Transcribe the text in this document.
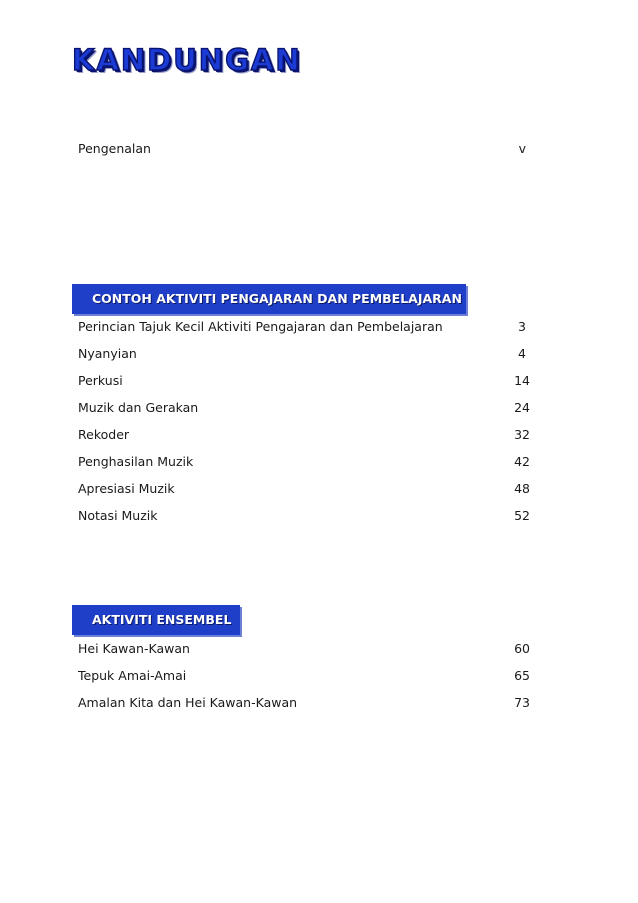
KANDUNGAN
Pengenalan	v
CONTOH AKTIVITI PENGAJARAN DAN PEMBELAJARAN
Perincian Tajuk Kecil Aktiviti Pengajaran dan Pembelajaran	3
Nyanyian	4
Perkusi	14
Muzik dan Gerakan	24
Rekoder	32
Penghasilan Muzik	42
Apresiasi Muzik	48
Notasi Muzik	52
AKTIVITI ENSEMBEL
Hei Kawan-Kawan	60
Tepuk Amai-Amai	65
Amalan Kita dan Hei Kawan-Kawan	73
